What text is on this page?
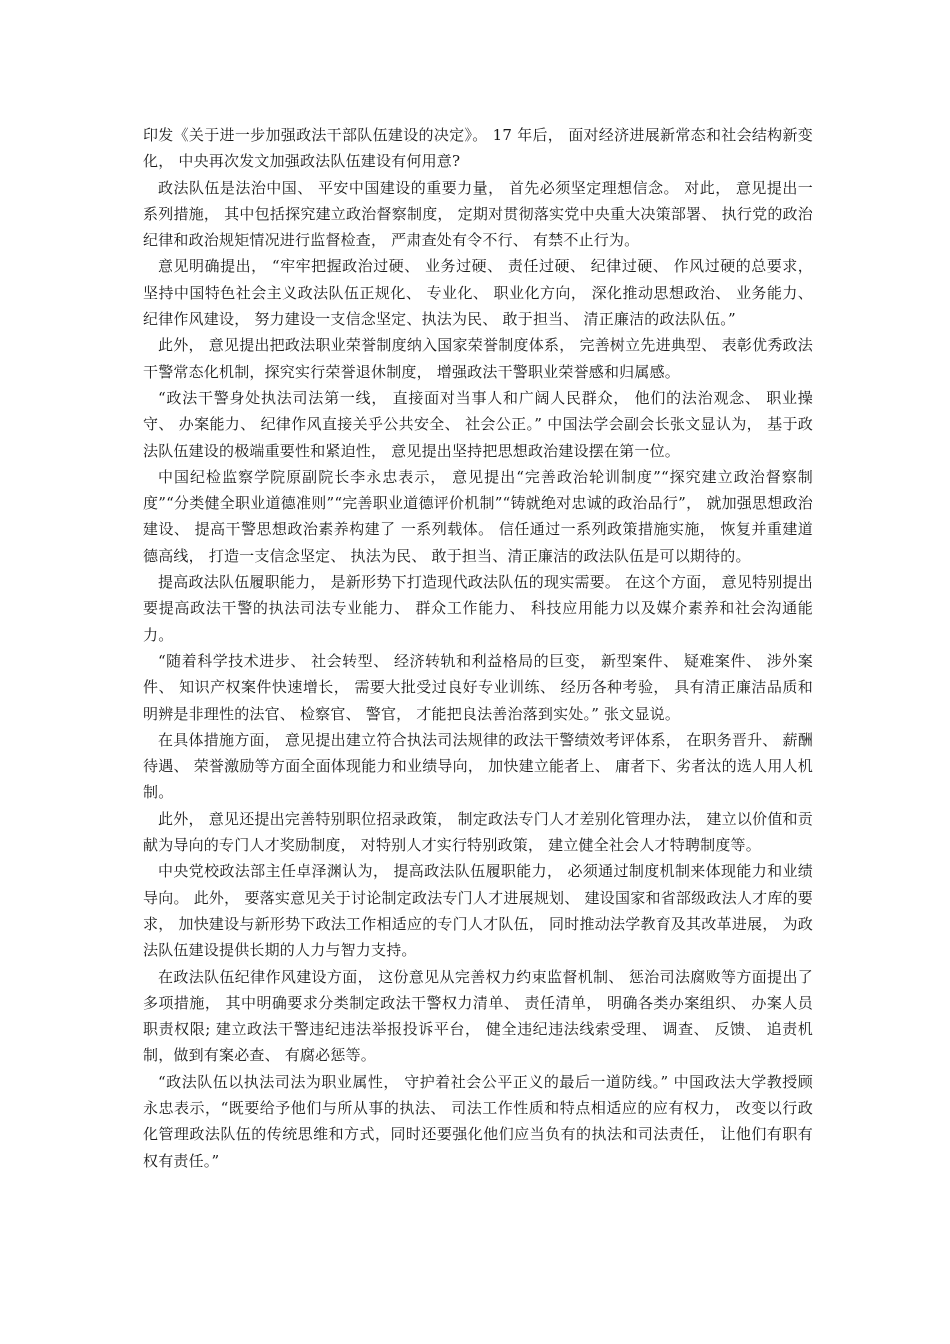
印发《关于进一步加强政法干部队伍建设的决定》。 17 年后， 面对经济进展新常态和社会结构新变化， 中央再次发文加强政法队伍建设有何用意?

政法队伍是法治中国、 平安中国建设的重要力量， 首先必须坚定理想信念。 对此， 意见提出一系列措施， 其中包括探究建立政治督察制度， 定期对贯彻落实党中央重大决策部署、 执行党的政治纪律和政治规矩情况进行监督检查， 严肃查处有令不行、 有禁不止行为。

意见明确提出， “牢牢把握政治过硬、 业务过硬、 责任过硬、 纪律过硬、 作风过硬的总要求， 坚持中国特色社会主义政法队伍正规化、 专业化、 职业化方向， 深化推动思想政治、 业务能力、 纪律作风建设， 努力建设一支信念坚定、执法为民、 敢于担当、 清正廉洁的政法队伍。”

此外， 意见提出把政法职业荣誉制度纳入国家荣誉制度体系， 完善树立先进典型、 表彰优秀政法干警常态化机制，探究实行荣誉退休制度， 增强政法干警职业荣誉感和归属感。

“政法干警身处执法司法第一线， 直接面对当事人和广阔人民群众， 他们的法治观念、 职业操守、 办案能力、 纪律作风直接关乎公共安全、 社会公正。” 中国法学会副会长张文显认为， 基于政法队伍建设的极端重要性和紧迫性， 意见提出坚持把思想政治建设摆在第一位。

中国纪检监察学院原副院长李永忠表示， 意见提出“完善政治轮训制度”“探究建立政治督察制度”“分类健全职业道德准则”“完善职业道德评价机制”“铸就绝对忠诚的政治品行”， 就加强思想政治建设、 提高干警思想政治素养构建了 一系列载体。 信任通过一系列政策措施实施， 恢复并重建道德高线， 打造一支信念坚定、 执法为民、 敢于担当、清正廉洁的政法队伍是可以期待的。

提高政法队伍履职能力， 是新形势下打造现代政法队伍的现实需要。 在这个方面， 意见特别提出要提高政法干警的执法司法专业能力、 群众工作能力、 科技应用能力以及媒介素养和社会沟通能力。

“随着科学技术进步、 社会转型、 经济转轨和利益格局的巨变， 新型案件、 疑难案件、 涉外案件、 知识产权案件快速增长， 需要大批受过良好专业训练、 经历各种考验， 具有清正廉洁品质和明辨是非理性的法官、 检察官、 警官， 才能把良法善治落到实处。” 张文显说。

在具体措施方面， 意见提出建立符合执法司法规律的政法干警绩效考评体系， 在职务晋升、 薪酬待遇、 荣誉激励等方面全面体现能力和业绩导向， 加快建立能者上、 庸者下、劣者汰的选人用人机制。

此外， 意见还提出完善特别职位招录政策， 制定政法专门人才差别化管理办法， 建立以价值和贡献为导向的专门人才奖励制度， 对特别人才实行特别政策， 建立健全社会人才特聘制度等。

中央党校政法部主任卓泽渊认为， 提高政法队伍履职能力， 必须通过制度机制来体现能力和业绩导向。 此外， 要落实意见关于讨论制定政法专门人才进展规划、 建设国家和省部级政法人才库的要求， 加快建设与新形势下政法工作相适应的专门人才队伍， 同时推动法学教育及其改革进展， 为政法队伍建设提供长期的人力与智力支持。

在政法队伍纪律作风建设方面， 这份意见从完善权力约束监督机制、 惩治司法腐败等方面提出了 多项措施， 其中明确要求分类制定政法干警权力清单、 责任清单， 明确各类办案组织、 办案人员职责权限; 建立政法干警违纪违法举报投诉平台， 健全违纪违法线索受理、 调查、 反馈、 追责机制，做到有案必查、 有腐必惩等。

“政法队伍以执法司法为职业属性， 守护着社会公平正义的最后一道防线。” 中国政法大学教授顾永忠表示，“既要给予他们与所从事的执法、 司法工作性质和特点相适应的应有权力， 改变以行政化管理政法队伍的传统思维和方式，同时还要强化他们应当负有的执法和司法责任， 让他们有职有权有责任。”
